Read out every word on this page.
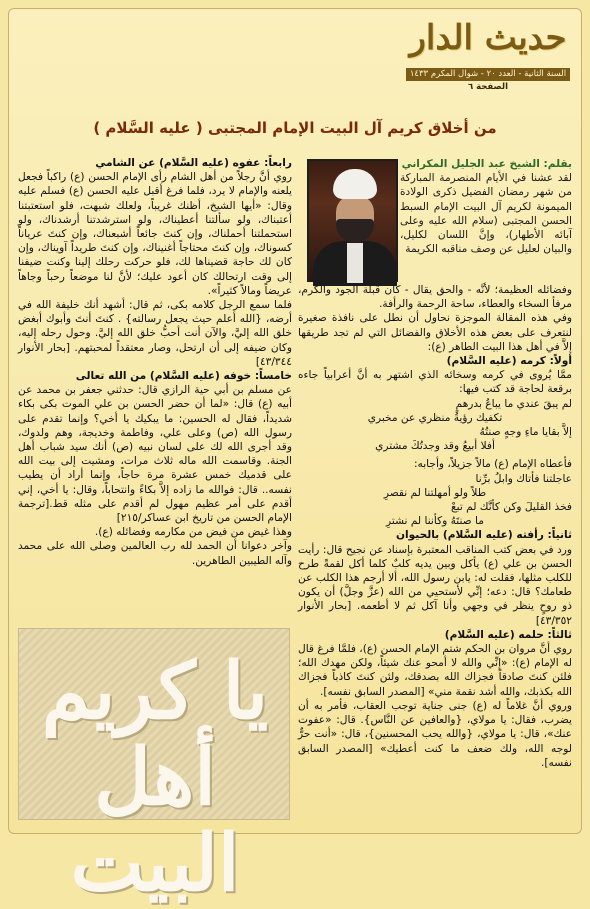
حديث الدار
السنة الثانية - العدد ٢٠ - شوال المكرم ١٤٣٣
الصفحة ٦
من أخلاق كريم آل البيت الإمام المجتبى ( عليه السَّلام )

بقلم: الشيخ عبد الجليل المكراني

لقد عشنا في الأيام المنصرمة المباركة من شهر رمضان الفضيل ذكرى الولادة الميمونة لكريم آل البيت الإمام السبط الحسن المجتبى (سلام الله عليه وعلى آبائه الأطهار)، وإنَّ اللسان لكليل، والبيان لعليل عن وصف مناقبه الكريمة

وفضائله العظيمة؛ لأنَّه - والحق يقال - كان قبلة الجود والكرم، مرفأ السخاء والعطاء، ساحة الرحمة والرأفة.

وفي هذه المقالة الموجزة نحاول أن نطل على نافذة صغيرة لنتعرف على بعض هذه الأخلاق والفضائل التي لم تجد طريقها إلاَّ في أهل هذا البيت الطاهر (ع):

أولاً: كرمه (عليه السَّلام)

ممَّا يُروى في كرمه وسخائه الذي اشتهر به أنَّ أعرابياً جاءه برقعة لحاجة قد كتب فيها:

لم يبقَ عندي ما يباعُ بدرهمٍ

تكفيك رؤيةُ منظري عن مخبري

إلاَّ بقايا ماءِ وجهٍ صنتُهُ

أفلا أبيعُ وقد وجدتُكَ مشتري

فأعطاه الإمام (ع) مالاً جزيلاً، وأجابه:

عاجلتنا فأتاك وابلُ برِّنا

طلاً ولو أمهلتنا لم نقصرِ

فخذ القليلَ وكن كأنَّك لم تبعْ

ما صنتَهُ وكأننا لم نشترِ

ثانياً: رأفته (عليه السَّلام) بالحيوان

ورد في بعض كتب المناقب المعتبرة بإسناد عن نجيح قال: رأيت الحسن بن علي (ع) يأكل وبين يديه كلبٌ كلما أكل لقمةً طرح للكلب مثلها، فقلت له: يابن رسول الله، ألا أرجم هذا الكلب عن طعامك؟ قال: دعه؛ إنِّي لأستحيي من الله (عزَّ وجلَّ) أن يكون ذو روحٍ ينظر في وجهي وأنا آكل ثم لا أطعمه. [بحار الأنوار ٤٣/٣٥٢]

ثالثاً: حلمه (عليه السَّلام)

روي أنَّ مروان بن الحكم شتم الإمام الحسن (ع)، فلمَّا فرغ قال له الإمام (ع): «إنِّي والله لا أمحو عنك شيئاً، ولكن مهدك الله؛ فلئن كنتَ صادقاً فجزاك الله بصدقك، ولئن كنتَ كاذباً فجزاك الله بكذبك، والله أشد نقمة مني» [المصدر السابق نفسه].

وروي أنَّ غلاماً له (ع) جنى جناية توجب العقاب، فأمر به أن يضرب، فقال: يا مولاي، {والعافين عن النَّاس}. قال: «عفوت عنك»، قال: يا مولاي، {والله يحب المحسنين}، قال: «أنت حرٌّ لوجه الله، ولك ضعف ما كنت أعطيك» [المصدر السابق نفسه].

رابعاً: عفوه (عليه السَّلام) عن الشامي

روي أنَّ رجلاً من أهل الشام رأى الإمام الحسن (ع) راكباً فجعل يلعنه والإمام لا يرد، فلما فرغ أقبل عليه الحسن (ع) فسلم عليه وقال: «أيها الشيخ، أظنك غريباً، ولعلك شبهت، فلو استعتبتنا أعتبناك، ولو سألتنا أعطيناك، ولو استرشدتنا أرشدناك، ولو استحملتنا أحملناك، وإن كنتَ جائعاً أشبعناك، وإن كنتَ عرياناً كسوناك، وإن كنتَ محتاجاً أغنيناك، وإن كنتَ طريداً آويناك، وإن كان لك حاجة قضيناها لك، فلو حركت رحلك إلينا وكنت ضيفنا إلى وقت ارتحالك كان أعود عليك؛ لأنَّ لنا موضعاً رحباً وجاهاً عريضاً ومالاً كثيراً».

فلما سمع الرجل كلامه بكى، ثم قال: أشهد أنك خليفة الله في أرضه، {الله أعلم حيث يجعل رسالته} . كنتَ أنتَ وأبوك أبغض خلق الله إليَّ، والآن أنت أحبُّ خلق الله إليَّ. وحول رحله إليه، وكان ضيفه إلى أن ارتحل، وصار معتقداً لمحبتهم. [بحار الأنوار ٤٣/٣٤٤]

خامساً: خوفه (عليه السَّلام) من الله تعالى

عن مسلم بن أبي حية الرازي قال: حدثني جعفر بن محمد عن أبيه (ع) قال: «لما أن حضر الحسن بن علي الموت بكى بكاء شديداً، فقال له الحسين: ما يبكيك يا أخي؟ وإنما تقدم على رسول الله (ص) وعلى علي، وفاطمة وخديجة، وهم ولدوك، وقد أجرى الله لك على لسان نبيه (ص) أنك سيد شباب أهل الجنة. وقاسمت الله ماله ثلاث مرات، ومشيت إلى بيت الله على قدميك خمس عشرة مرة حاجاً، وإنما أراد أن يطيب نفسه.. قال: فوالله ما زاده إلاَّ بكاءً وانتحاباً، وقال: يا أخي، إني أقدم على أمر عظيم مهول لم أقدم على مثله قط.[ترجمة الإمام الحسن من تاريخ ابن عساكر/٢١٥]

وهذا غيض من فيض من مكارمه وفضائله (ع).

وآخر دعوانا أن الحمد لله رب العالمين وصلى الله على محمد وآله الطيبين الطاهرين.

يا كريم أهل البيت
